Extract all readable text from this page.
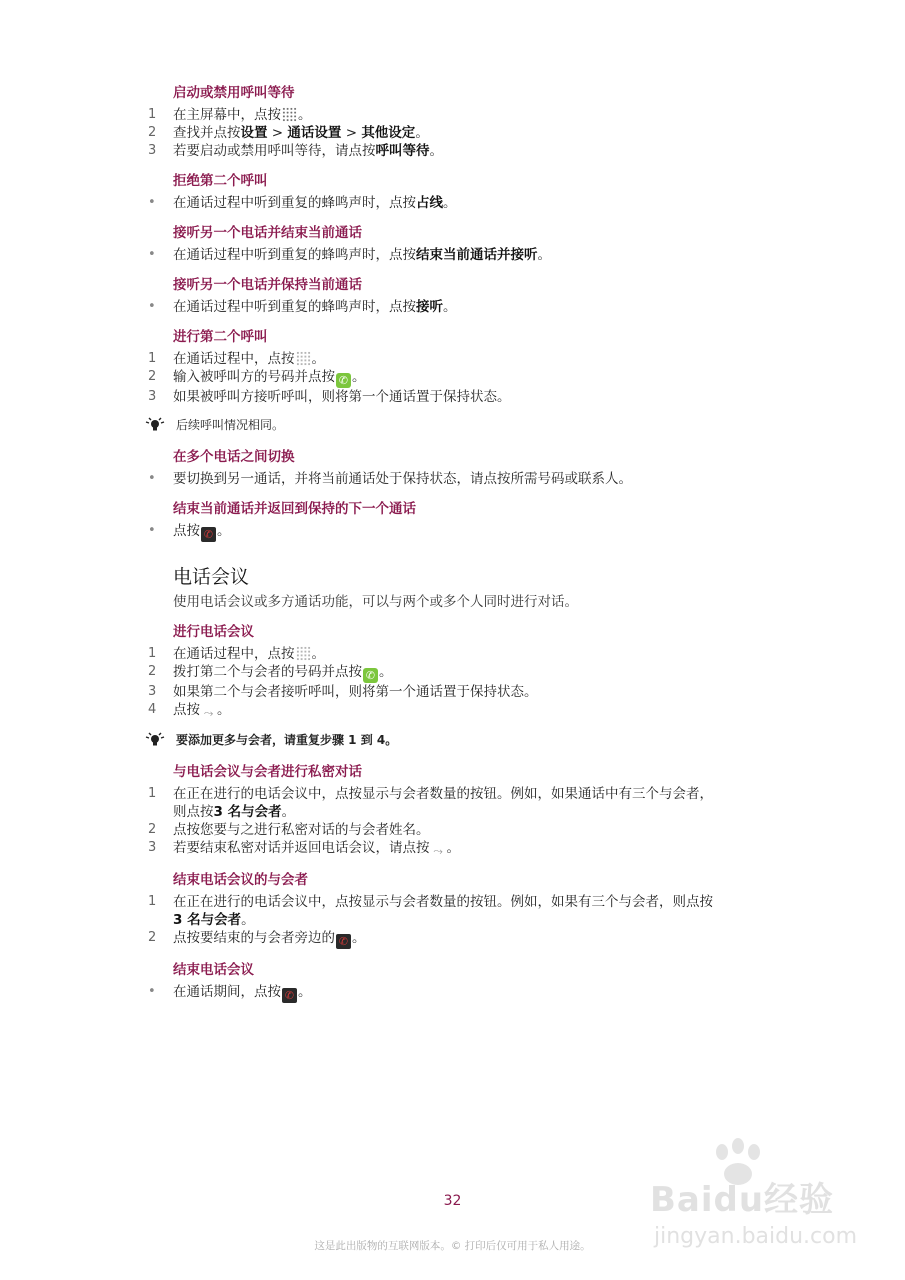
启动或禁用呼叫等待
1	在主屏幕中，点按 。
2	查找并点按设置 > 通话设置 > 其他设定。
3	若要启动或禁用呼叫等待，请点按呼叫等待。
拒绝第二个呼叫
•	在通话过程中听到重复的蜂鸣声时，点按占线。
接听另一个电话并结束当前通话
•	在通话过程中听到重复的蜂鸣声时，点按结束当前通话并接听。
接听另一个电话并保持当前通话
•	在通话过程中听到重复的蜂鸣声时，点按接听。
进行第二个呼叫
1	在通话过程中，点按 。
2	输入被呼叫方的号码并点按 ✆ 。
3	如果被呼叫方接听呼叫，则将第一个通话置于保持状态。
后续呼叫情况相同。
在多个电话之间切换
•	要切换到另一通话，并将当前通话处于保持状态，请点按所需号码或联系人。
结束当前通话并返回到保持的下一个通话
•	点按 ✆ 。
电话会议
使用电话会议或多方通话功能，可以与两个或多个人同时进行对话。
进行电话会议
1	在通话过程中，点按 。
2	拨打第二个与会者的号码并点按 ✆ 。
3	如果第二个与会者接听呼叫，则将第一个通话置于保持状态。
4	点按 ⤳ 。
要添加更多与会者，请重复步骤 1 到 4。
与电话会议与会者进行私密对话
1	在正在进行的电话会议中，点按显示与会者数量的按钮。例如，如果通话中有三个与会者，则点按3 名与会者。
2	点按您要与之进行私密对话的与会者姓名。
3	若要结束私密对话并返回电话会议，请点按 ⤳ 。
结束电话会议的与会者
1	在正在进行的电话会议中，点按显示与会者数量的按钮。例如，如果有三个与会者，则点按3 名与会者。
2	点按要结束的与会者旁边的 ✆ 。
结束电话会议
•	在通话期间，点按 ✆ 。
32
这是此出版物的互联网版本。© 打印后仅可用于私人用途。
Baidu经验
jingyan.baidu.com
